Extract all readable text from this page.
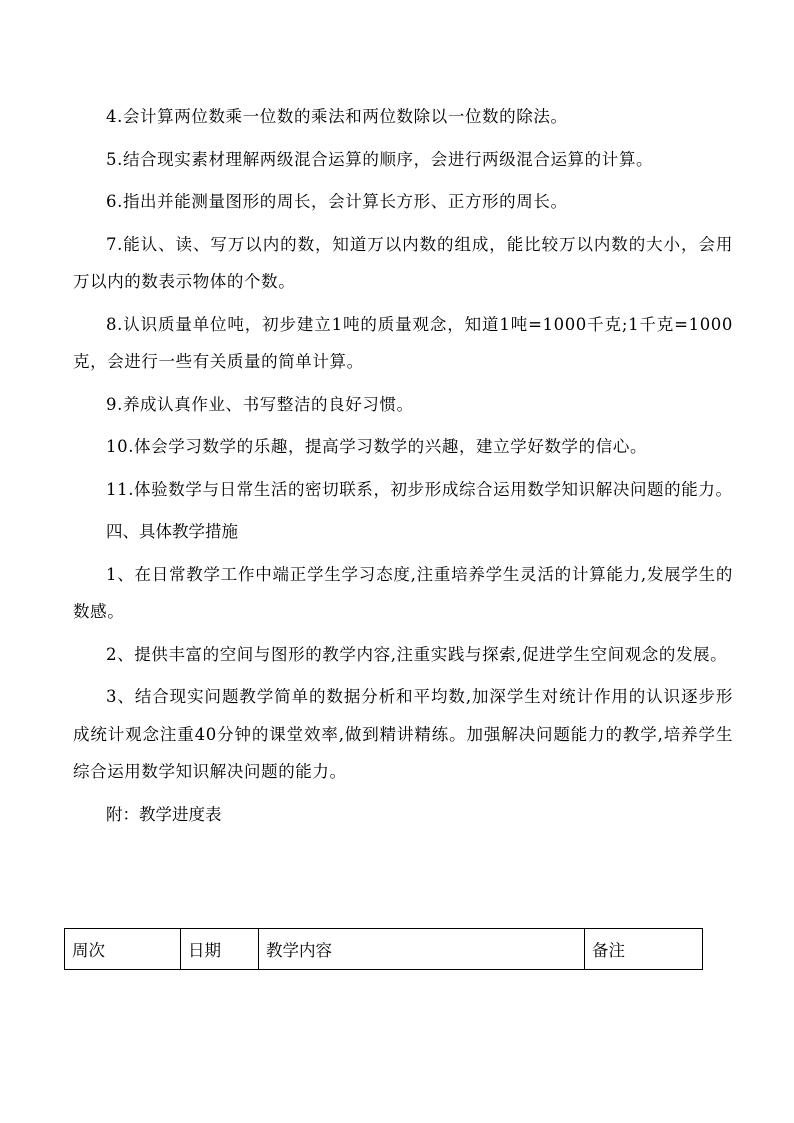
4.会计算两位数乘一位数的乘法和两位数除以一位数的除法。

5.结合现实素材理解两级混合运算的顺序，会进行两级混合运算的计算。

6.指出并能测量图形的周长，会计算长方形、正方形的周长。

7.能认、读、写万以内的数，知道万以内数的组成，能比较万以内数的大小，会用万以内的数表示物体的个数。

8.认识质量单位吨，初步建立1吨的质量观念，知道1吨=1000千克;1千克=1000克，会进行一些有关质量的简单计算。

9.养成认真作业、书写整洁的良好习惯。

10.体会学习数学的乐趣，提高学习数学的兴趣，建立学好数学的信心。

11.体验数学与日常生活的密切联系，初步形成综合运用数学知识解决问题的能力。

四、具体教学措施

1、在日常教学工作中端正学生学习态度,注重培养学生灵活的计算能力,发展学生的数感。

2、提供丰富的空间与图形的教学内容,注重实践与探索,促进学生空间观念的发展。

3、结合现实问题教学简单的数据分析和平均数,加深学生对统计作用的认识逐步形成统计观念注重40分钟的课堂效率,做到精讲精练。加强解决问题能力的教学,培养学生综合运用数学知识解决问题的能力。

附：教学进度表

周次	日期	教学内容	备注
